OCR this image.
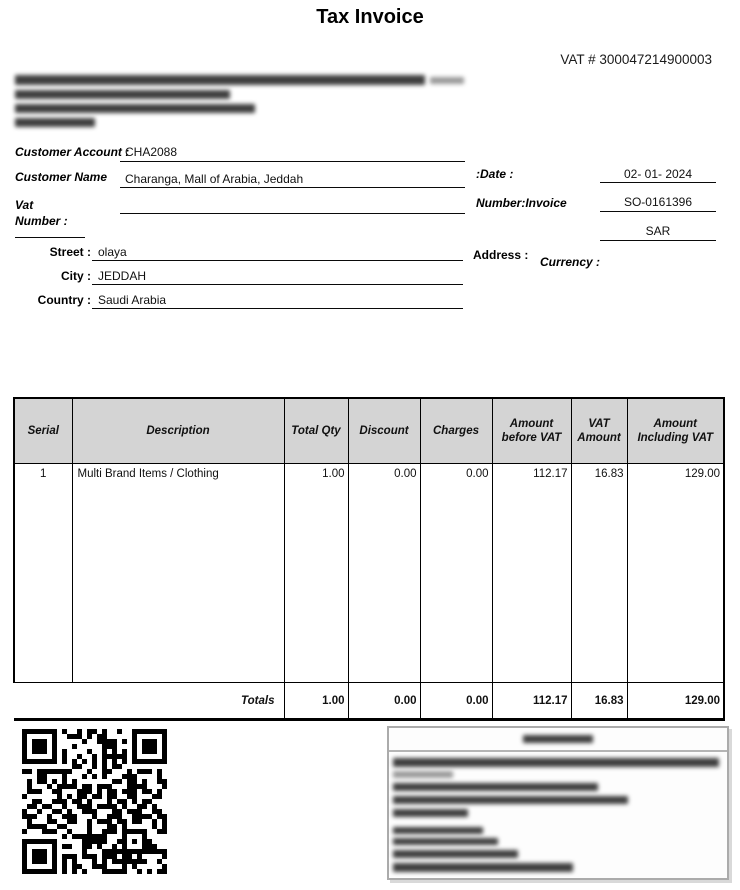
Tax Invoice
VAT # 300047214900003
Customer Account :
CHA2088
Customer Name Charanga, Mall of Arabia, Jeddah
Vat Number :
Street : olaya
City : JEDDAH
Country : Saudi Arabia
:Date :	02- 01- 2024
Number:Invoice	SO-0161396
SAR
Address : Currency :
Serial	Description	Total Qty	Discount	Charges	Amount before VAT	VAT Amount	Amount Including VAT
1	Multi Brand Items / Clothing	1.00	0.00	0.00	112.17	16.83	129.00
Totals		1.00	0.00	0.00	112.17	16.83	129.00
